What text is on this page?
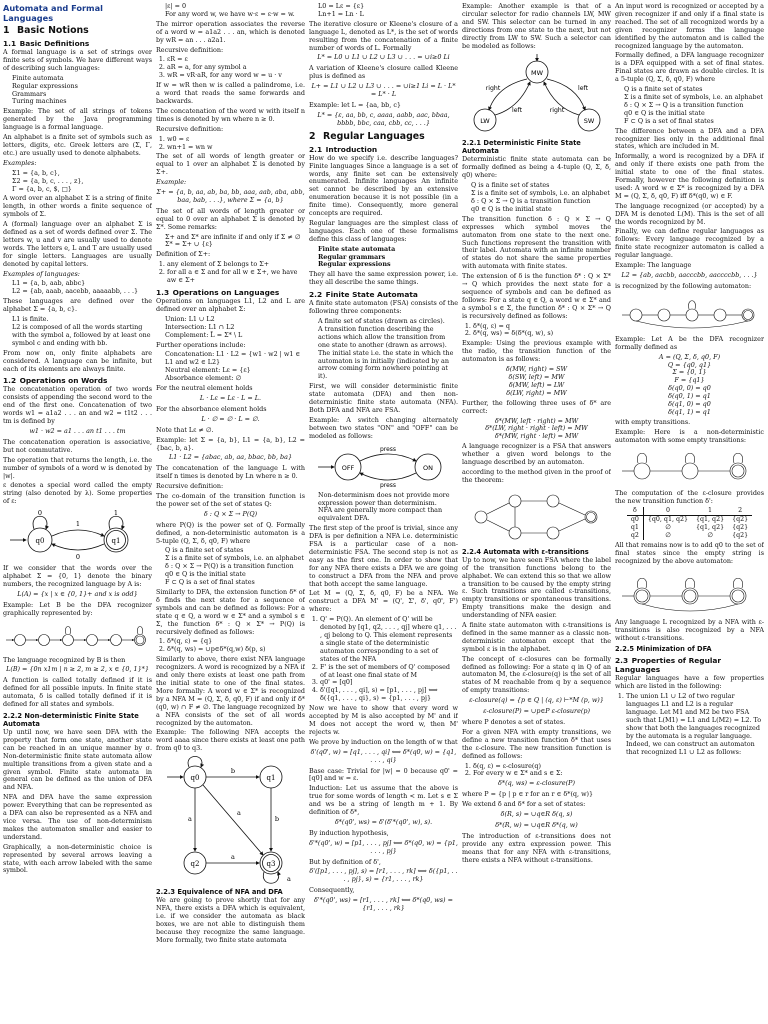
Automata and Formal Languages
1 Basic Notions
1.1 Basic Definitions

A formal language is a set of strings over finite sets of symbols. We have different ways of describing such languages:

• Finite automata
• Regular expressions
• Grammars
• Turing machines

Example: The set of all strings of tokens generated by the Java programming language is a formal language.

An alphabet is a finite set of symbols such as letters, digits, etc. Greek letters are (Σ, Γ, etc.) are usually used to denote alphabets.

Examples:

• Σ1 = {a, b, c},
• Σ2 = {a, b, c, . . . , z},
• Γ = {a, b, c, $, □}

A word over an alphabet Σ is a string of finite length, in other words a finite sequence of symbols of Σ.

A (formal) language over an alphabet Σ is defined as a set of words defined over Σ. The letters w, u and v are usually used to denote words. The letters e, L and T are usually used for single letters. Languages are usually denoted by capital letters.

Examples of languages:

• L1 = {a, b, aab, abbc}
• L2 = {ab, aaab, aacebb, aaaaabb, . . .}

These languages are defined over the alphabet Σ = {a, b, c}.

• L1 is finite.
• L2 is composed of all the words starting with the symbol a, followed by at least one symbol c and ending with bb.

From now on, only finite alphabets are considered. A language can be infinite, but each of its elements are always finite.

1.2 Operations on Words

The concatenation operation of two words consists of appending the second word to the end of the first one. Concatenation of two words w1 = a1a2 . . . an and w2 = t1t2 . . . tm is defined by

w1 · w2 = a1 . . . an t1 . . . tm

The concatenation operation is associative, but not commutative.

The operation that returns the length, i.e. the number of symbols of a word w is denoted by |w|.

ε denotes a special word called the empty string (also denoted by λ). Some properties of ε:

q0	q1
1
0
0	1

If we consider that the words over the alphabet Σ = {0, 1} denote the binary numbers, the recognized language by A is:

L(A) = {x | x ∈ {0, 1}+ and x is odd}

Example: Let B be the DFA recognizer graphically represented by:

The language recognized by B is then

L(B) = {0n x1m | n ≥ 2, m ≥ 2, x ∈ {0, 1}*}

A function is called totally defined if it is defined for all possible inputs. In finite state automata, δ is called totally defined if it is defined for all states and symbols.

2.2.2 Non-deterministic Finite State Automata

Up until now, we have seen DFA with the property that form one state, another state can be reached in an unique manner by σ. Non-deterministic finite state automata allow multiple transitions from a given state and a given symbol. Finite state automata in general can be defined as the union of DFA and NFA.

NFA and DFA have the same expression power. Everything that can be represented as a DFA can also be represented as a NFA and vice versa. The use of non-determinism makes the automaton smaller and easier to understand.

Graphically, a non-deterministic choice is represented by several arrows leaving a state, with each arrow labeled with the same symbol.

• |ε| = 0
• For any word w, we have w·ε = ε·w = w.

The mirror operation associates the reverse of a word w = a1a2 . . . an, which is denoted by wR = an . . . a2a1.

Recursive definition:

1. εR = ε
2. aR = a, for any symbol a
3. wR = vR·aR, for any word w = u · v

If w = wR then w is called a palindrome, i.e. a word that reads the same forwards and backwards.

The concatenation of the word w with itself n times is denoted by wn where n ≥ 0.

Recursive definition:

1. w0 = ε
2. wn+1 = wn w

The set of all words of length greater or equal to 1 over an alphabet Σ is denoted by Σ+.

Example:

Σ+ = {a, b, aa, ab, ba, bb, aaa, aab, aba, abb, baa, bab, . . .}, where Σ = {a, b}

The set of all words of length greater or equal to 0 over an alphabet Σ is denoted by Σ*. Some remarks:

• Σ+ and Σ* are infinite if and only if Σ ≠ ∅
• Σ* = Σ+ ∪ {ε}

Definition of Σ+:

1. any element of Σ belongs to Σ+
2. for all a ∈ Σ and for all w ∈ Σ+, we have aw ∈ Σ+
1.3 Operations on Languages

Operations on languages L1, L2 and L are defined over an alphabet Σ:

• Union: L1 ∪ L2
• Intersection: L1 ∩ L2
• Complement: L̄ = Σ* \ L

Further operations include:

• Concatenation: L1 · L2 = {w1 · w2 | w1 ∈ L1 and w2 ∈ L2}
• Neutral element: Lε = {ε}
• Absorbance element: ∅

For the neutral element holds

L · Lε = Lε · L = L.

For the absorbance element holds

L · ∅ = ∅ · L = ∅.

Note that Lε ≠ ∅.

Example: let Σ = {a, b}, L1 = {a, b}, L2 = {bac, b, a}.

L1 · L2 = {abac, ab, aa, bbac, bb, ba}

The concatenation of the language L with itself n times is denoted by Ln where n ≥ 0.

Recursive definition:

The co-domain of the transition function is the power set of the set of states Q:

δ : Q × Σ → P(Q)

where P(Q) is the power set of Q. Formally defined, a non-deterministic automaton is a 5-tuple (Q, Σ, δ, q0, F) where

• Q is a finite set of states
• Σ is a finite set of symbols, i.e. an alphabet
• δ : Q × Σ → P(Q) is a transition function
• q0 ∈ Q is the initial state
• F ⊂ Q is a set of final states

Similarly to DFA, the extension function δ* of δ finds the next state for a sequence of symbols and can be defined as follows: For a state q ∈ Q, a word w ∈ Σ* and a symbol s ∈ Σ, the function δ* : Q × Σ* → P(Q) is recursively defined as follows:

1. δ*(q, ε) = {q}
2. δ*(q, ws) = ∪p∈δ*(q,w) δ(p, s)

Similarly to above, there exist NFA language recognizers. A word is recognized by a NFA if and only there exists at least one path from the initial state to one of the final states. More formally: A word w ∈ Σ* is recognized by a NFA M = (Q, Σ, δ, q0, F) if and only if δ*(q0, w) ∩ F ≠ ∅. The language recognized by a NFA consists of the set of all words recognized by the automaton.

Example: The following NFA accepts the word aaaa since there exists at least one path from q0 to q3.

q0	q1
q2	q3
b
a	b
a
a
a
2.2.3 Equivalence of NFA and DFA

We are going to prove shortly that for any NFA, there exists a DFA which is equivalent, i.e. if we consider the automata as black boxes, we are not able to distinguish them because they recognize the same language. More formally, two finite state automata

• L0 = Lε = {ε}
• Ln+1 = Ln · L

The iterative closure or Kleene's closure of a language L, denoted as L*, is the set of words resulting from the concatenation of a finite number of words of L. Formally

L* = L0 ∪ L1 ∪ L2 ∪ L3 ∪ . . . = ∪i≥0 Li

A variation of Kleene's closure called Kleene plus is defined as

L+ = L1 ∪ L2 ∪ L3 ∪ . . . = ∪i≥1 Li = L · L* = L* · L

Example: let L = {aa, bb, c}

L* = {ε, aa, bb, c, aaaa, aabb, aac, bbaa, bbbb, bbc, caa, cbb, cc, . . .}
2 Regular Languages
2.1 Introduction

How do we specify i.e. describe languages? Finite languages Since a language is a set of words, any finite set can be extensively enumerated. Infinite languages An infinite set cannot be described by an extensive enumeration because it is not possible (in a finite time). Consequently, more general concepts are required.

Regular languages are the simplest class of languages. Each one of these formalisms define this class of languages:

• Finite state automata
• Regular grammars
• Regular expressions

They all have the same expression power, i.e. they all describe the same things.

2.2 Finite State Automata

A finite state automaton (FSA) consists of the following three components:

• A finite set of states (drawn as circles).
• A transition function describing the actions which allow the transition from one state to another (drawn as arrows).
• The initial state i.e. the state in which the automaton is in initially (indicated by an arrow coming form nowhere pointing at it).

First, we will consider deterministic finite state automata (DFA) and then non-deterministic finite state automata (NFA). Both DFA and NFA are FSA.

Example: A switch changing alternately between two states "ON" and "OFF" can be modeled as follows:

OFF	ON
press
press
• Non-determinism does not provide more expression power than determinism.
• NFA are generally more compact than equivalent DFA.

The first step of the proof is trivial, since any DFA is per definition a NFA i.e. deterministic FSA is a particular case of a non-deterministic FSA. The second step is not as easy as the first one. In order to show that for any NFA there exists a DFA we are going to construct a DFA from the NFA and prove that both accept the same language.

Let M = (Q, Σ, δ, q0, F) be a NFA. We construct a DFA M' = (Q', Σ', δ', q0', F') where:

1. Q' = P(Q). An element of Q' will be denoted by [q1, q2, . . . , qj] where q1, . . . , qj belong to Q. This element represents a single state of the deterministic automaton corresponding to a set of states of the NFA
2. F' is the set of members of Q' composed of at least one final state of M
3. q0' = [q0]
4. δ'([q1, . . . , qi], s) = [p1, . . . , pj] ⟺ δ({q1, . . . , qi}, s) = {p1, . . . , pj}

Now we have to show that every word w accepted by M is also accepted by M' and if M does not accept the word w, then M' rejects w.

We prove by induction on the length of w that

δ'(q0', w) = [q1, . . . , qi] ⟺ δ*(q0, w) = {q1, . . . , qi}

Base case: Trivial for |w| = 0 because q0' = [q0] and w = ε.

Induction: Let us assume that the above is true for some words of length < m. Let s ∈ Σ and ws be a string of length m + 1. By definition of δ*,

δ*(q0', ws) = δ'(δ'*(q0', w), s).

By induction hypothesis,

δ'*(q0', w) = [p1, . . . , pj] ⟺ δ*(q0, w) = {p1, . . . , pj}

But by definition of δ',

δ'([p1, . . . , pj], s) = [r1, . . . , rk] ⟺ δ({p1, . . . , pj}, s) = {r1, . . . , rk}

Consequently,

δ'*(q0', ws) = [r1, . . . , rk] ⟺ δ*(q0, ws) = {r1, . . . , rk}

Example: Another example is that of a circular selector for radio channels LW, MW and SW. This selector can be turned in any directions from one state to the next, but not directly from LW to SW. Such a selector can be modeled as follows:

MW
LW	SW
right
left
left
right
2.2.1 Deterministic Finite State Automata

Deterministic finite state automata can be formally defined as being a 4-tuple (Q, Σ, δ, q0) where:

• Q is a finite set of states
• Σ is a finite set of symbols, i.e. an alphabet
• δ : Q × Σ → Q is a transition function
• q0 ∈ Q is the initial state

The transition function δ : Q × Σ → Q expresses which symbol moves the automaton from one state to the next one. Such functions represent the transition with their label. Automata with an infinite number of states do not share the same properties with automata with finite states.

The extension of δ is the function δ* : Q × Σ* → Q which provides the next state for a sequence of symbols and can be defined as follows: For a state q ∈ Q, a word w ∈ Σ* and a symbol s ∈ Σ, the function δ* : Q × Σ* → Q is recursively defined as follows:

1. δ*(q, ε) = q
2. δ*(q, ws) = δ(δ*(q, w), s)

Example: Using the previous example with the radio, the transition function of the automaton is as follows:

δ(MW, right) = SW
δ(SW, left) = MW
δ(MW, left) = LW
δ(LW, right) = MW

Further, the following three uses of δ* are correct:

δ*(MW, left · right) = MW
δ*(LW, right · right · left) = MW
δ*(MW, right · left) = MW

A language recognizer is a FSA that answers whether a given word belongs to the language described by an automaton.

according to the method given in the proof of the theorem:

2.2.4 Automata with ε-transitions

Up to now, we have seen FSA where the label of the transition functions belong to the alphabet. We can extend this so that we allow a transition to be caused by the empty string ε. Such transitions are called ε-transitions, empty transitions or spontaneous transitions. Empty transitions make the design and understanding of NFA easier.

A finite state automaton with ε-transitions is defined in the same manner as a classic non-deterministic automaton except that the symbol ε is in the alphabet.

The concept of ε-closures can be formally defined as following: For a state q in Q of an automaton M, the ε-closure(q) is the set of all states of M reachable from q by a sequence of empty transitions:

ε-closure(q) = {p ∈ Q | (q, ε) ⊢*M (p, w)}
ε-closure(P) = ∪p∈P ε-closure(p)

where P denotes a set of states.

For a given NFA with empty transitions, we define a new transition function δ* that uses the ε-closure. The new transition function is defined as follows:

1. δ(q, ε) = ε-closure(q)
2. For every w ∈ Σ* and s ∈ Σ:
δ*(q, ws) = ε-closure(P)

where P = {p | p ∈ r for an r ∈ δ*(q, w)}

We extend δ and δ* for a set of states:

δ(R, s) = ∪q∈R δ(q, s)
δ*(R, w) = ∪q∈R δ*(q, w)

The introduction of ε-transitions does not provide any extra expression power. This means that for any NFA with ε-transitions, there exists a NFA without ε-transitions.

An input word is recognized or accepted by a given recognizer if and only if a final state is reached. The set of all recognized words by a given recognizer forms the language identified by the automaton and is called the recognized language by the automaton.

Formally defined, a DFA language recognizer is a DFA equipped with a set of final states. Final states are drawn as double circles. It is a 5-tuple (Q, Σ, δ, q0, F) where

• Q is a finite set of states
• Σ is a finite set of symbols, i.e. an alphabet
• δ : Q × Σ → Q is a transition function
• q0 ∈ Q is the initial state
• F ⊂ Q is a set of final states

The difference between a DFA and a DFA recognizer lies only in the additional final states, which are included in M.

Informally, a word is recognized by a DFA if and only if there exists one path from the initial state to one of the final states. Formally, however the following definition is used: A word w ∈ Σ* is recognized by a DFA M = (Q, Σ, δ, q0, F) iff δ*(q0, w) ∈ F.

The language recognized (or accepted) by a DFA M is denoted L(M). This is the set of all the words recognized by M.

Finally, we can define regular languages as follows: Every language recognized by a finite state recognizer automaton is called a regular language.

Example: The language

L2 = {ab, aacbb, aacccbb, aaccccbb, . . .}

is recognized by the following automaton:

Example: Let A be the DFA recognizer formally defined as

A = (Q, Σ, δ, q0, F)
Q = {q0, q1}
Σ = {0, 1}
F = {q1}
δ(q0, 0) = q0
δ(q0, 1) = q1
δ(q1, 0) = q0
δ(q1, 1) = q1

with empty transitions.

Example: Here is a non-deterministic automaton with some empty transitions:

The computation of the ε-closure provides the new transition function δ':

δ	0	1	2
q0	{q0, q1, q2}	{q1, q2}	{q2}
q1	∅	{q1, q2}	{q2}
q2	∅	∅	{q2}

All that remains now is to add q0 to the set of final states since the empty string is recognized by the above automaton:

Any language L recognized by a NFA with ε-transitions is also recognized by a NFA without ε-transitions.

2.2.5 Minimization of DFA
2.3 Properties of Regular Languages

Regular languages have a few properties which are listed in the following:

1. The union L1 ∪ L2 of two regular languages L1 and L2 is a regular language. Let M1 and M2 be two FSA such that L(M1) = L1 and L(M2) = L2. To show that both the languages recognized by the automata is a regular language. Indeed, we can construct an automaton that recognized L1 ∪ L2 as follows:
